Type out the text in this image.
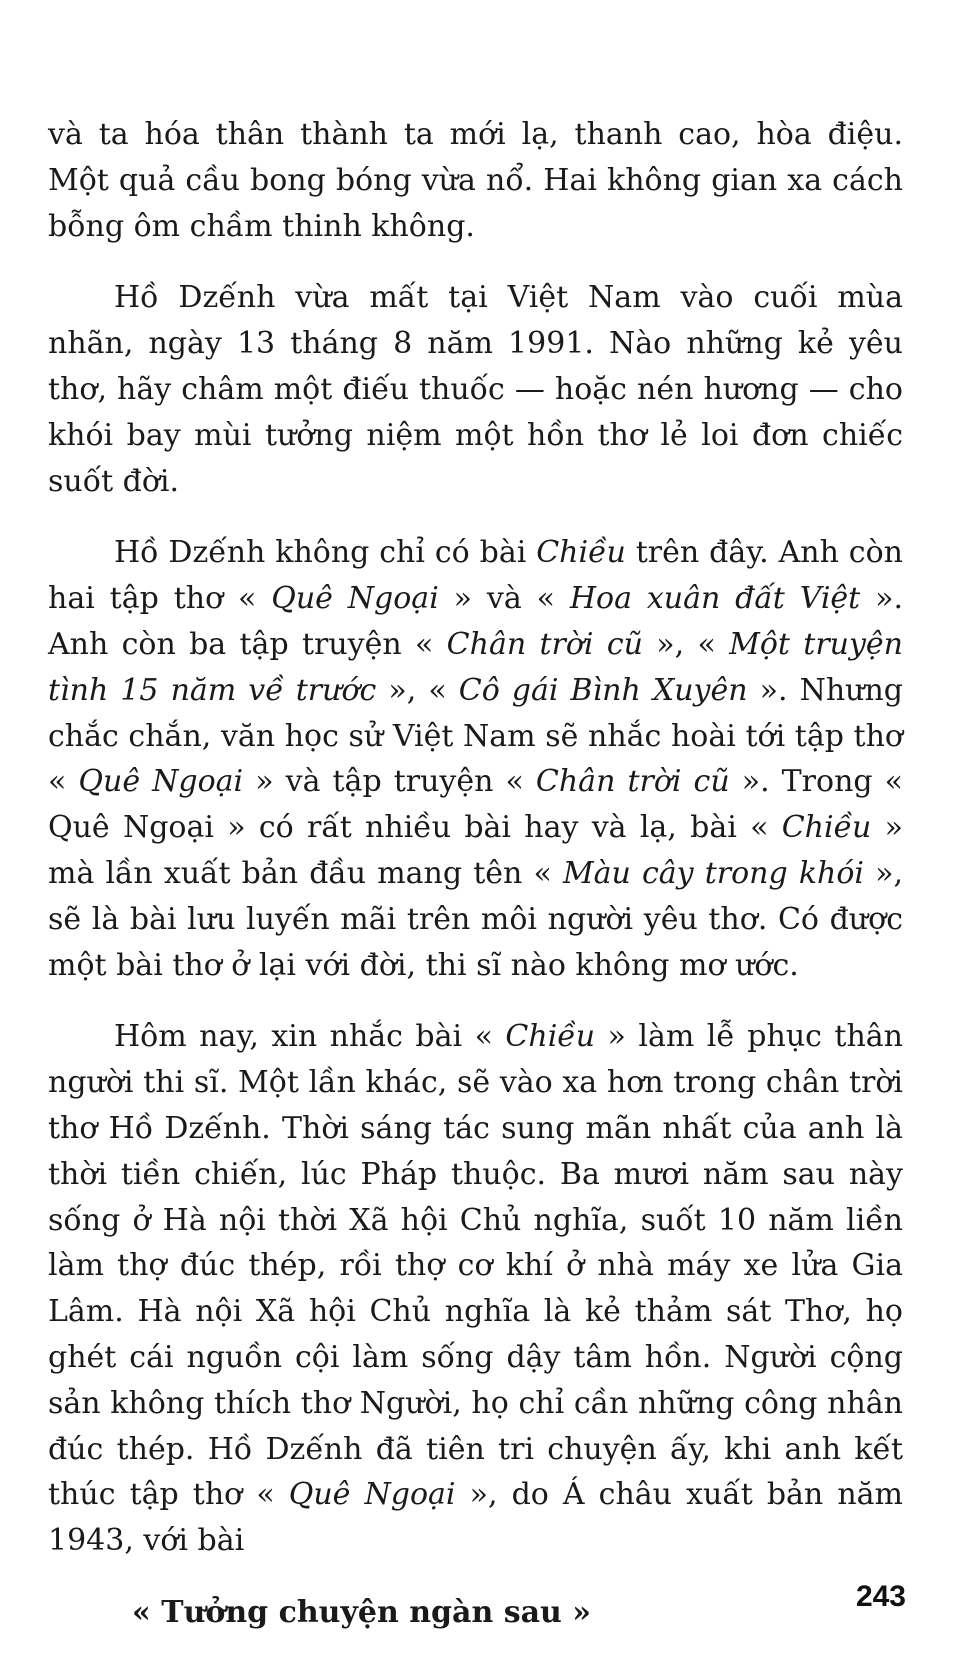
và ta hóa thân thành ta mới lạ, thanh cao, hòa điệu. Một quả cầu bong bóng vừa nổ. Hai không gian xa cách bỗng ôm chầm thinh không.

Hồ Dzếnh vừa mất tại Việt Nam vào cuối mùa nhãn, ngày 13 tháng 8 năm 1991. Nào những kẻ yêu thơ, hãy châm một điếu thuốc — hoặc nén hương — cho khói bay mùi tưởng niệm một hồn thơ lẻ loi đơn chiếc suốt đời.

Hồ Dzếnh không chỉ có bài Chiều trên đây. Anh còn hai tập thơ « Quê Ngoại » và « Hoa xuân đất Việt ». Anh còn ba tập truyện « Chân trời cũ », « Một truyện tình 15 năm về trước », « Cô gái Bình Xuyên ». Nhưng chắc chắn, văn học sử Việt Nam sẽ nhắc hoài tới tập thơ « Quê Ngoại » và tập truyện « Chân trời cũ ». Trong « Quê Ngoại » có rất nhiều bài hay và lạ, bài « Chiều » mà lần xuất bản đầu mang tên « Màu cây trong khói », sẽ là bài lưu luyến mãi trên môi người yêu thơ. Có được một bài thơ ở lại với đời, thi sĩ nào không mơ ước.

Hôm nay, xin nhắc bài « Chiều » làm lễ phục thân người thi sĩ. Một lần khác, sẽ vào xa hơn trong chân trời thơ Hồ Dzếnh. Thời sáng tác sung mãn nhất của anh là thời tiền chiến, lúc Pháp thuộc. Ba mươi năm sau này sống ở Hà nội thời Xã hội Chủ nghĩa, suốt 10 năm liền làm thợ đúc thép, rồi thợ cơ khí ở nhà máy xe lửa Gia Lâm. Hà nội Xã hội Chủ nghĩa là kẻ thảm sát Thơ, họ ghét cái nguồn cội làm sống dậy tâm hồn. Người cộng sản không thích thơ Người, họ chỉ cần những công nhân đúc thép. Hồ Dzếnh đã tiên tri chuyện ấy, khi anh kết thúc tập thơ « Quê Ngoại », do Á châu xuất bản năm 1943, với bài

« Tưởng chuyện ngàn sau »	243
